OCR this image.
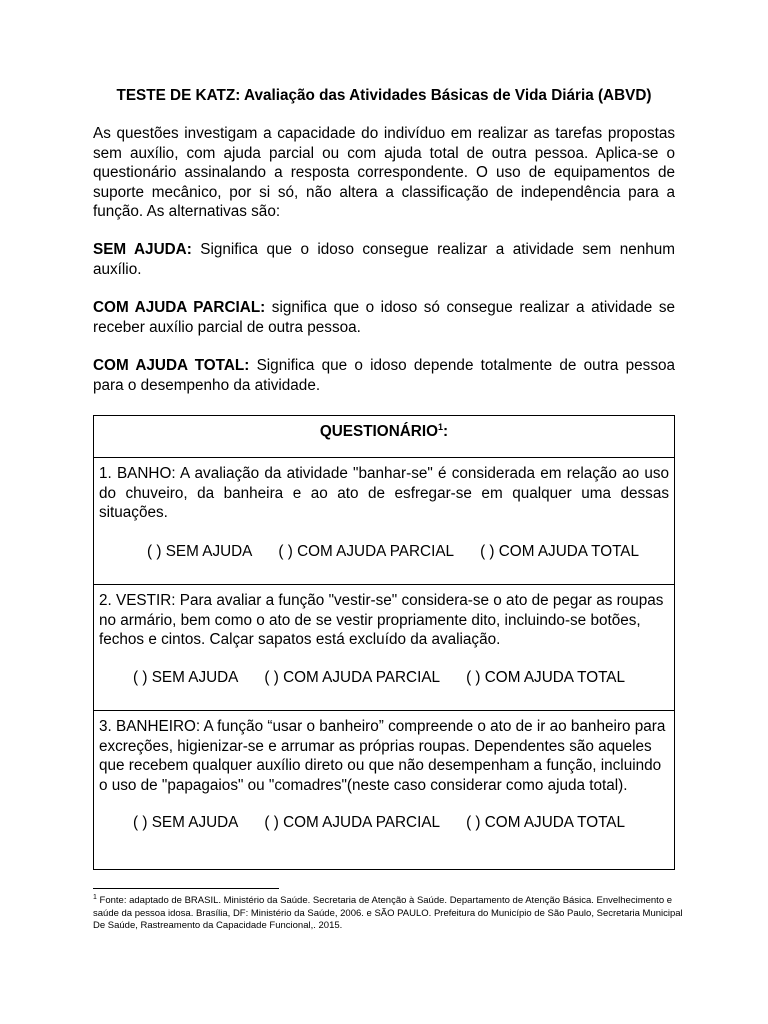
TESTE DE KATZ: Avaliação das Atividades Básicas de Vida Diária (ABVD)
As questões investigam a capacidade do indivíduo em realizar as tarefas propostas sem auxílio, com ajuda parcial ou com ajuda total de outra pessoa. Aplica-se o questionário assinalando a resposta correspondente. O uso de equipamentos de suporte mecânico, por si só, não altera a classificação de independência para a função. As alternativas são:
SEM AJUDA: Significa que o idoso consegue realizar a atividade sem nenhum auxílio.
COM AJUDA PARCIAL: significa que o idoso só consegue realizar a atividade se receber auxílio parcial de outra pessoa.
COM AJUDA TOTAL: Significa que o idoso depende totalmente de outra pessoa para o desempenho da atividade.
QUESTIONÁRIO$^1$:
1. BANHO: A avaliação da atividade "banhar-se" é considerada em relação ao uso do chuveiro, da banheira e ao ato de esfregar-se em qualquer uma dessas situações.
( ) SEM AJUDA ( ) COM AJUDA PARCIAL ( ) COM AJUDA TOTAL
2. VESTIR: Para avaliar a função "vestir-se" considera-se o ato de pegar as roupas no armário, bem como o ato de se vestir propriamente dito, incluindo-se botões, fechos e cintos. Calçar sapatos está excluído da avaliação.
( ) SEM AJUDA ( ) COM AJUDA PARCIAL ( ) COM AJUDA TOTAL
3. BANHEIRO: A função “usar o banheiro” compreende o ato de ir ao banheiro para excreções, higienizar-se e arrumar as próprias roupas. Dependentes são aqueles que recebem qualquer auxílio direto ou que não desempenham a função, incluindo o uso de "papagaios" ou "comadres"(neste caso considerar como ajuda total).
( ) SEM AJUDA ( ) COM AJUDA PARCIAL ( ) COM AJUDA TOTAL
$^1$ Fonte: adaptado de BRASIL. Ministério da Saúde. Secretaria de Atenção à Saúde. Departamento de Atenção Básica. Envelhecimento e saúde da pessoa idosa. Brasília, DF: Ministério da Saúde, 2006. e SÃO PAULO. Prefeitura do Município de São Paulo, Secretaria Municipal De Saúde, Rastreamento da Capacidade Funcional,. 2015.
